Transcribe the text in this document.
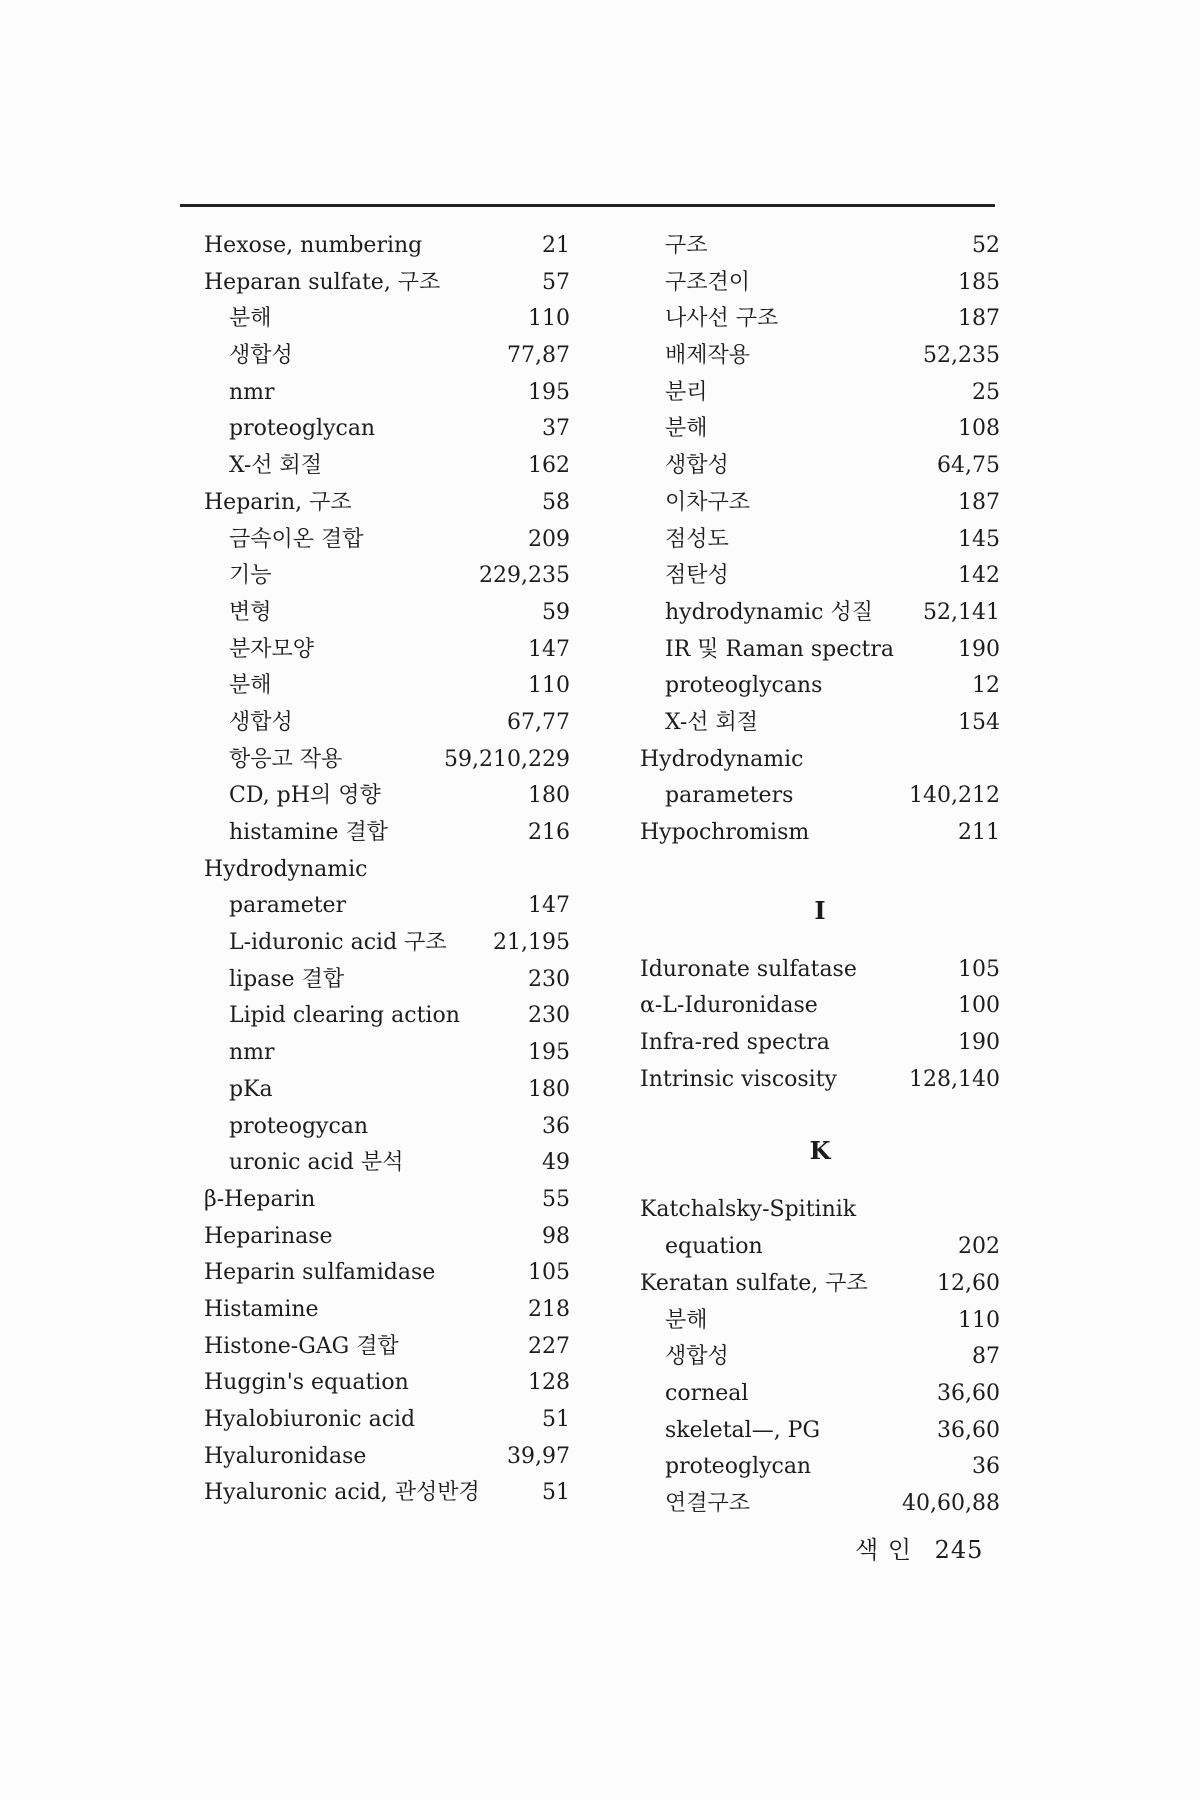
Hexose, numbering	21
Heparan sulfate, 구조	57
분해	110
생합성	77,87
nmr	195
proteoglycan	37
X-선 회절	162
Heparin, 구조	58
금속이온 결합	209
기능	229,235
변형	59
분자모양	147
분해	110
생합성	67,77
항응고 작용	59,210,229
CD, pH의 영향	180
histamine 결합	216
Hydrodynamic
parameter	147
L-iduronic acid 구조 21,195
lipase 결합	230
Lipid clearing action	230
nmr	195
pKa	180
proteogycan	36
uronic acid 분석	49
β-Heparin	55
Heparinase	98
Heparin sulfamidase	105
Histamine	218
Histone-GAG 결합	227
Huggin's equation	128
Hyalobiuronic acid	51
Hyaluronidase	39,97
Hyaluronic acid, 관성반경	51
구조	52
구조견이	185
나사선 구조	187
배제작용	52,235
분리	25
분해	108
생합성	64,75
이차구조	187
점성도	145
점탄성	142
hydrodynamic 성질 52,141
IR 및 Raman spectra	190
proteoglycans	12
X-선 회절	154
Hydrodynamic
parameters	140,212
Hypochromism	211
I
Iduronate sulfatase	105
α-L-Iduronidase	100
Infra-red spectra	190
Intrinsic viscosity	128,140
K
Katchalsky-Spitinik
equation	202
Keratan sulfate, 구조	12,60
분해	110
생합성	87
corneal	36,60
skeletal—, PG	36,60
proteoglycan	36
연결구조	40,60,88
색 인 245
